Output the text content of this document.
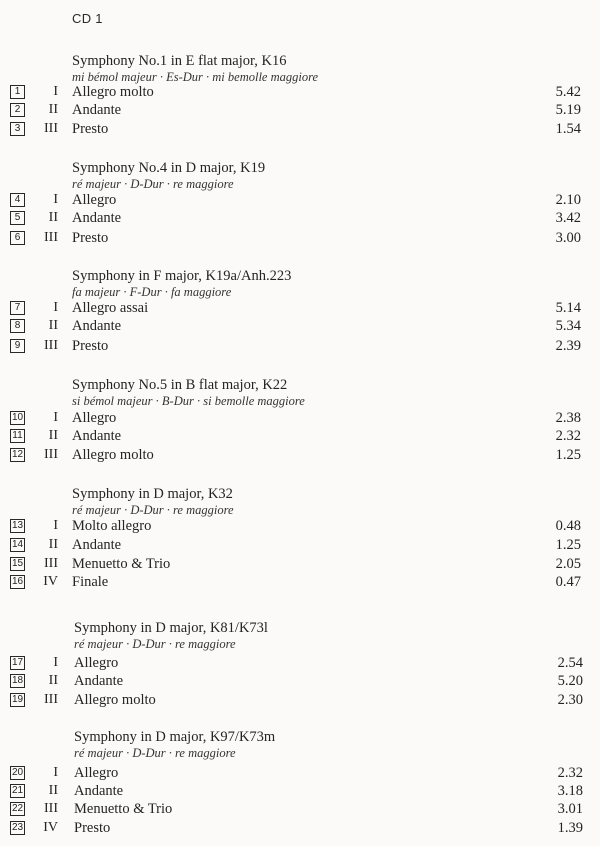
CD 1
Symphony No.1 in E flat major, K16
mi bémol majeur · Es-Dur · mi bemolle maggiore
1	I Allegro molto	5.42
2	II Andante	5.19
3	III Presto	1.54
Symphony No.4 in D major, K19
ré majeur · D-Dur · re maggiore
4	I Allegro	2.10
5	II Andante	3.42
6	III Presto	3.00
Symphony in F major, K19a/Anh.223
fa majeur · F-Dur · fa maggiore
7	I Allegro assai	5.14
8	II Andante	5.34
9	III Presto	2.39
Symphony No.5 in B flat major, K22
si bémol majeur · B-Dur · si bemolle maggiore
10	I Allegro	2.38
11	II Andante	2.32
12	III Allegro molto	1.25
Symphony in D major, K32
ré majeur · D-Dur · re maggiore
13	I Molto allegro	0.48
14	II Andante	1.25
15	III Menuetto & Trio	2.05
16	IV Finale	0.47
Symphony in D major, K81/K73l
ré majeur · D-Dur · re maggiore
17	I Allegro	2.54
18	II Andante	5.20
19	III Allegro molto	2.30
Symphony in D major, K97/K73m
ré majeur · D-Dur · re maggiore
20	I Allegro	2.32
21	II Andante	3.18
22	III Menuetto & Trio	3.01
23	IV Presto	1.39
